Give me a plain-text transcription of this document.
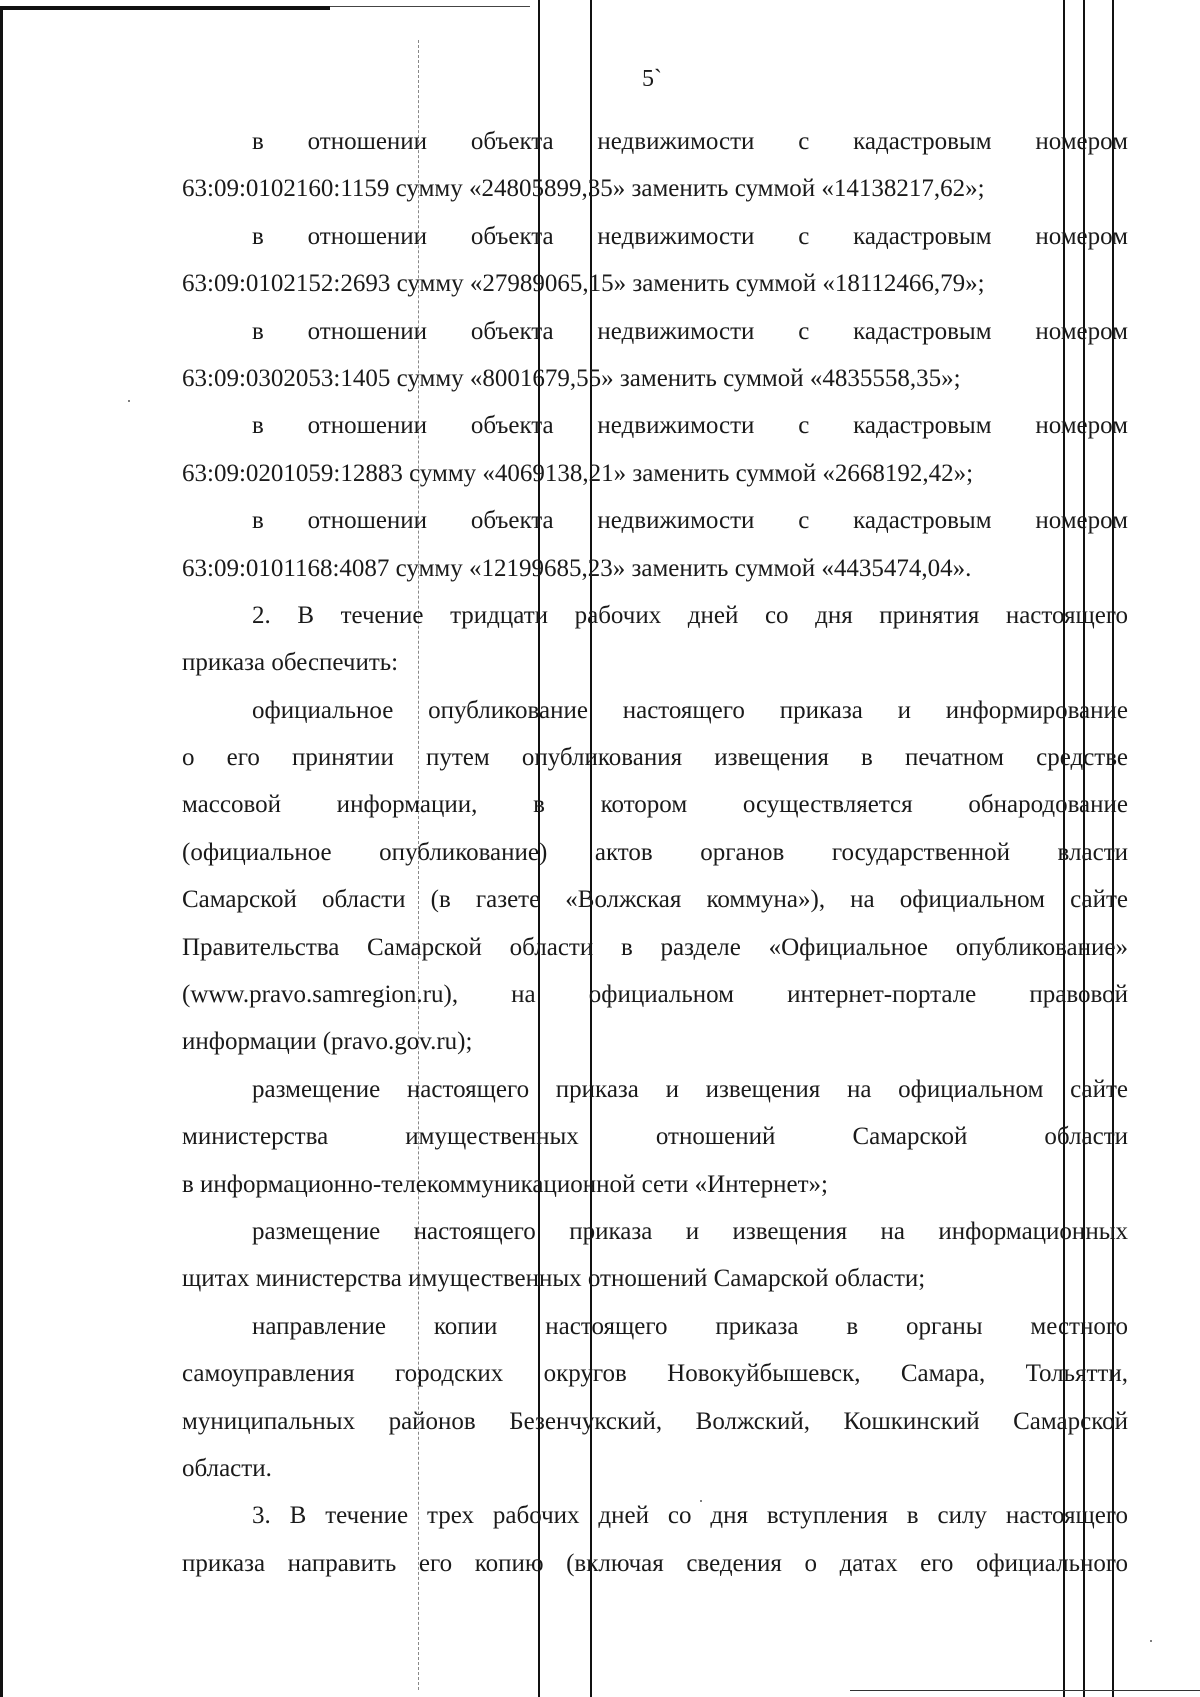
5`
в отношении объекта недвижимости с кадастровым номером
63:09:0102160:1159 сумму «24805899,35» заменить суммой «14138217,62»;
в отношении объекта недвижимости с кадастровым номером
63:09:0102152:2693 сумму «27989065,15» заменить суммой «18112466,79»;
в отношении объекта недвижимости с кадастровым номером
63:09:0302053:1405 сумму «8001679,55» заменить суммой «4835558,35»;
в отношении объекта недвижимости с кадастровым номером
63:09:0201059:12883 сумму «4069138,21» заменить суммой «2668192,42»;
в отношении объекта недвижимости с кадастровым номером
63:09:0101168:4087 сумму «12199685,23» заменить суммой «4435474,04».
2. В течение тридцати рабочих дней со дня принятия настоящего
приказа обеспечить:
официальное опубликование настоящего приказа и информирование
о его принятии путем опубликования извещения в печатном средстве
массовой информации, в котором осуществляется обнародование
(официальное опубликование) актов органов государственной власти
Самарской области (в газете «Волжская коммуна»), на официальном сайте
Правительства Самарской области в разделе «Официальное опубликование»
(www.pravo.samregion.ru), на официальном интернет-портале правовой
информации (pravo.gov.ru);
размещение настоящего приказа и извещения на официальном сайте
министерства имущественных отношений Самарской области
в информационно-телекоммуникационной сети «Интернет»;
размещение настоящего приказа и извещения на информационных
щитах министерства имущественных отношений Самарской области;
направление копии настоящего приказа в органы местного
самоуправления городских округов Новокуйбышевск, Самара, Тольятти,
муниципальных районов Безенчукский, Волжский, Кошкинский Самарской
области.
3. В течение трех рабочих дней со дня вступления в силу настоящего
приказа направить его копию (включая сведения о датах его официального
